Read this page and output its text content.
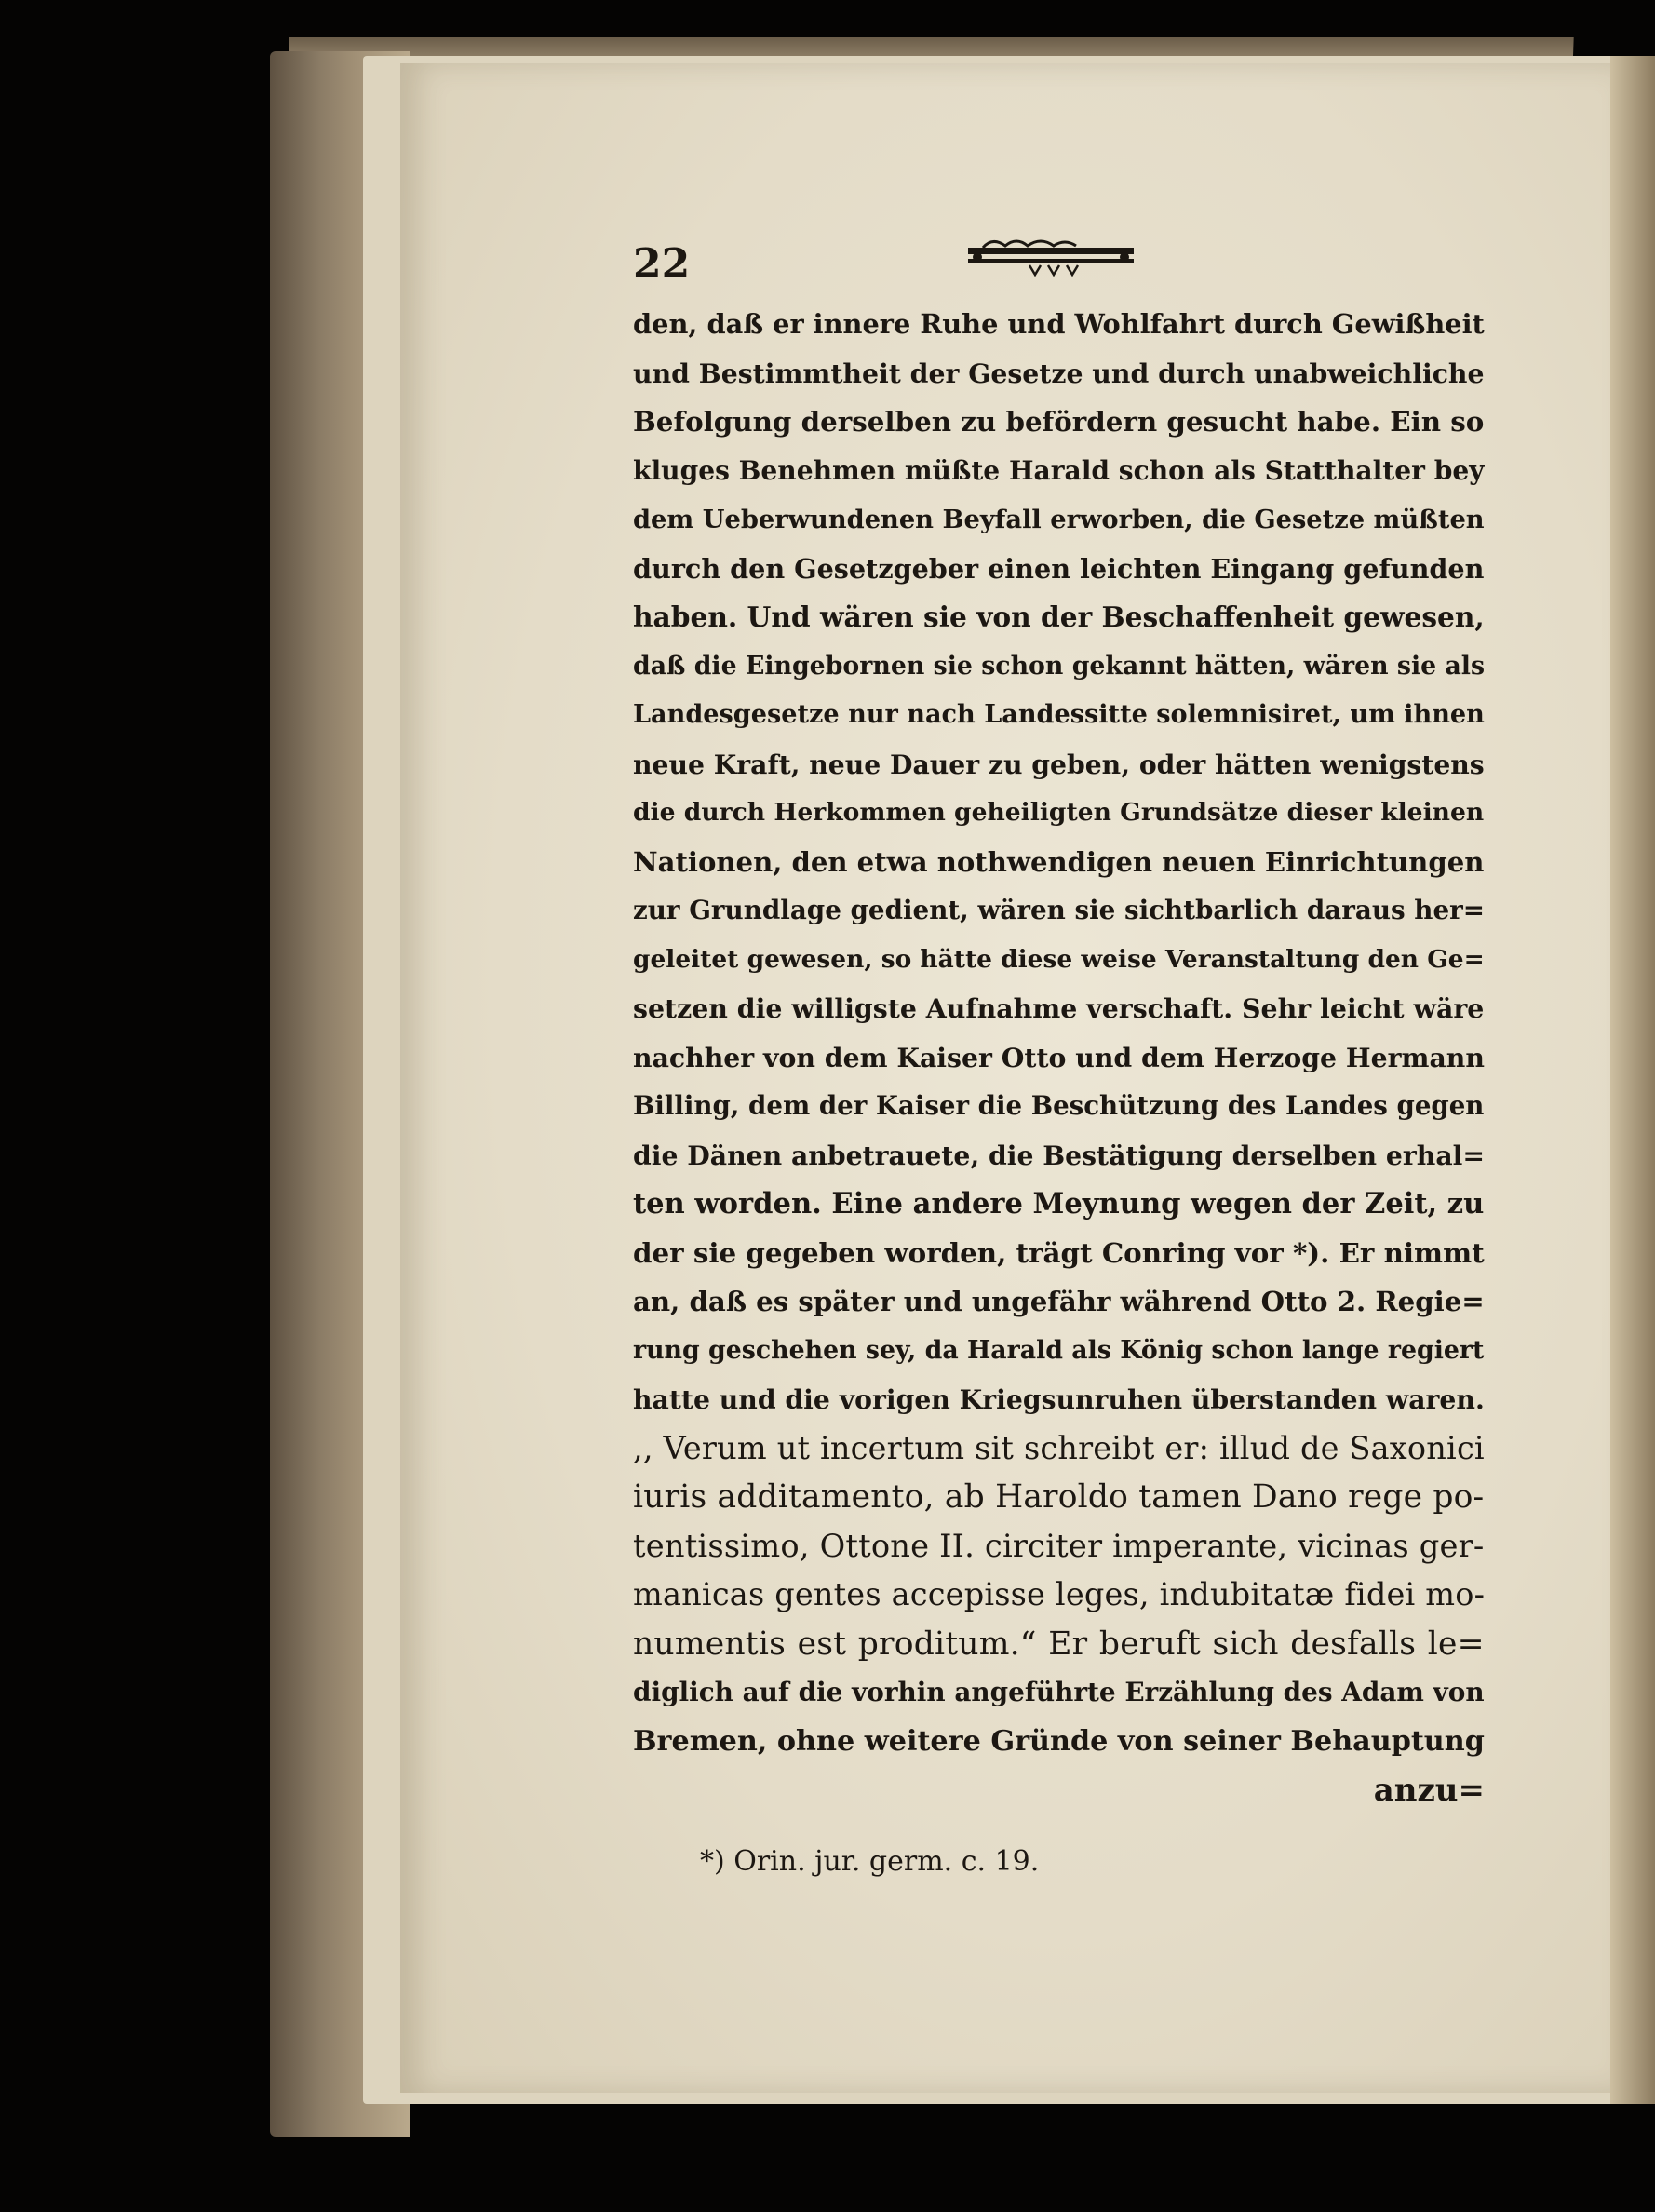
22
den, daß er innere Ruhe und Wohlfahrt durch Gewißheit
und Bestimmtheit der Gesetze und durch unabweichliche
Befolgung derselben zu befördern gesucht habe. Ein so
kluges Benehmen müßte Harald schon als Statthalter bey
dem Ueberwundenen Beyfall erworben, die Gesetze müßten
durch den Gesetzgeber einen leichten Eingang gefunden
haben. Und wären sie von der Beschaffenheit gewesen,
daß die Eingebornen sie schon gekannt hätten, wären sie als
Landesgesetze nur nach Landessitte solemnisiret, um ihnen
neue Kraft, neue Dauer zu geben, oder hätten wenigstens
die durch Herkommen geheiligten Grundsätze dieser kleinen
Nationen, den etwa nothwendigen neuen Einrichtungen
zur Grundlage gedient, wären sie sichtbarlich daraus her=
geleitet gewesen, so hätte diese weise Veranstaltung den Ge=
setzen die willigste Aufnahme verschaft. Sehr leicht wäre
nachher von dem Kaiser Otto und dem Herzoge Hermann
Billing, dem der Kaiser die Beschützung des Landes gegen
die Dänen anbetrauete, die Bestätigung derselben erhal=
ten worden. Eine andere Meynung wegen der Zeit, zu
der sie gegeben worden, trägt Conring vor *). Er nimmt
an, daß es später und ungefähr während Otto 2. Regie=
rung geschehen sey, da Harald als König schon lange regiert
hatte und die vorigen Kriegsunruhen überstanden waren.
,, Verum ut incertum sit schreibt er: illud de Saxonici
iuris additamento, ab Haroldo tamen Dano rege po-
tentissimo, Ottone II. circiter imperante, vicinas ger-
manicas gentes accepisse leges, indubitatæ fidei mo-
numentis est proditum.“ Er beruft sich desfalls le=
diglich auf die vorhin angeführte Erzählung des Adam von
Bremen, ohne weitere Gründe von seiner Behauptung
anzu=
*) Orin. jur. germ. c. 19.
